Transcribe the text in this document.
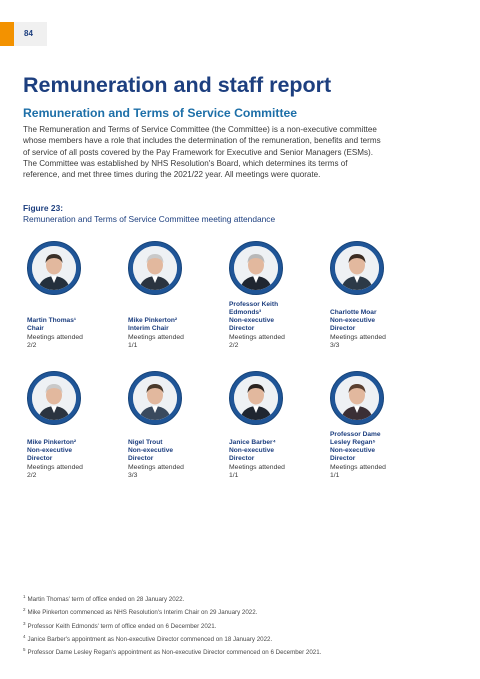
84
Remuneration and staff report
Remuneration and Terms of Service Committee

The Remuneration and Terms of Service Committee (the Committee) is a non-executive committee whose members have a role that includes the determination of the remuneration, benefits and terms of service of all posts covered by the Pay Framework for Executive and Senior Managers (ESMs). The Committee was established by NHS Resolution's Board, which determines its terms of reference, and met three times during the 2021/22 year. All meetings were quorate.

Figure 23:

Remuneration and Terms of Service Committee meeting attendance

Martin Thomas¹
Chair
Meetings attended
2/2
Mike Pinkerton²
Interim Chair
Meetings attended
1/1
Professor Keith
Edmonds³
Non-executive
Director
Meetings attended
2/2
Charlotte Moar
Non-executive
Director
Meetings attended
3/3
Mike Pinkerton²
Non-executive
Director
Meetings attended
2/2
Nigel Trout
Non-executive
Director
Meetings attended
3/3
Janice Barber⁴
Non-executive
Director
Meetings attended
1/1
Professor Dame
Lesley Regan⁵
Non-executive
Director
Meetings attended
1/1
$^1$ Martin Thomas' term of office ended on 28 January 2022.
$^2$ Mike Pinkerton commenced as NHS Resolution's Interim Chair on 29 January 2022.
$^3$ Professor Keith Edmonds' term of office ended on 6 December 2021.
$^4$ Janice Barber's appointment as Non-executive Director commenced on 18 January 2022.
$^5$ Professor Dame Lesley Regan's appointment as Non-executive Director commenced on 6 December 2021.
